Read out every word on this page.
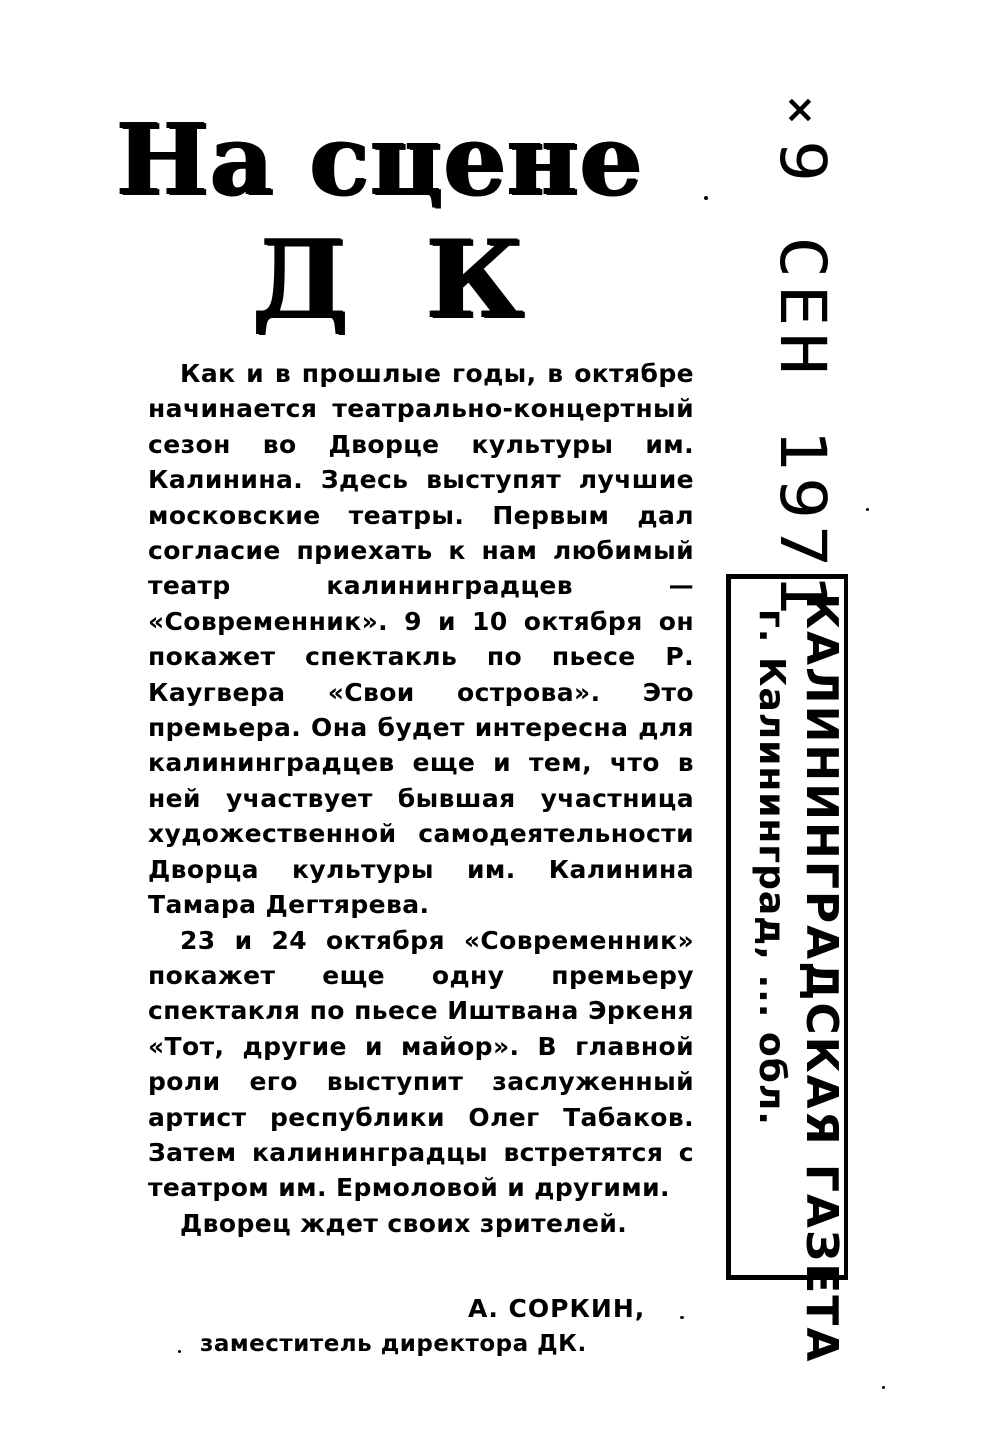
На сцене
Д К

Как и в прошлые годы, в октябре начинается театрально-концертный сезон во Дворце культуры им. Калинина. Здесь выступят лучшие московские театры. Первым дал согласие приехать к нам любимый театр калининградцев — «Современник». 9 и 10 октября он покажет спектакль по пьесе Р. Каугвера «Свои острова». Это премьера. Она будет интересна для калининградцев еще и тем, что в ней участвует бывшая участница художественной самодеятельности Дворца культуры им. Калинина Тамара Дегтярева.

23 и 24 октября «Современник» покажет еще одну премьеру спектакля по пьесе Иштвана Эркеня «Тот, другие и майор». В главной роли его выступит заслуженный артист республики Олег Табаков. Затем калининградцы встретятся с театром им. Ермоловой и другими.

Дворец ждет своих зрителей.

А. СОРКИН,
заместитель директора ДК.
×
9 СЕН 1971
КАЛИНИНГРАДСКАЯ ГАЗЕТА
г. Калининград, ... обл.
